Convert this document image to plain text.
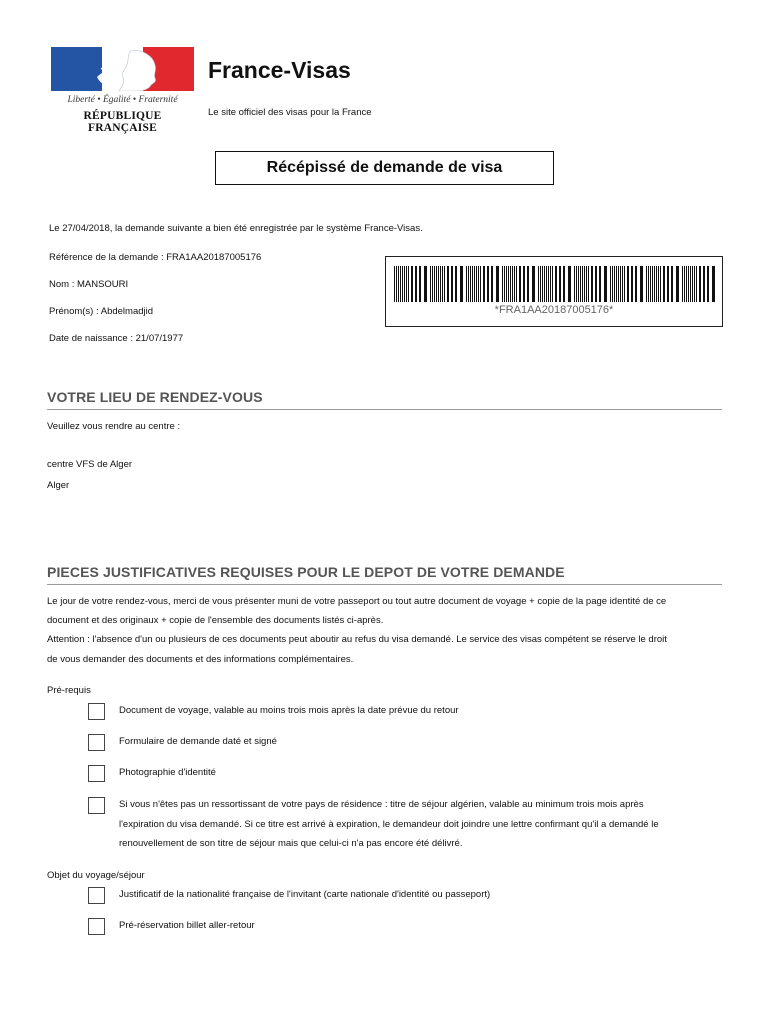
Liberté • Égalité • Fraternité
RÉPUBLIQUE FRANÇAISE
France-Visas
Le site officiel des visas pour la France
Récépissé de demande de visa
Le 27/04/2018, la demande suivante a bien été enregistrée par le système France-Visas.
Référence de la demande : FRA1AA20187005176
Nom : MANSOURI
Prénom(s) : Abdelmadjid
Date de naissance : 21/07/1977
*FRA1AA20187005176*
VOTRE LIEU DE RENDEZ-VOUS
Veuillez vous rendre au centre :
centre VFS de Alger
Alger
PIECES JUSTIFICATIVES REQUISES POUR LE DEPOT DE VOTRE DEMANDE
Le jour de votre rendez-vous, merci de vous présenter muni de votre passeport ou tout autre document de voyage + copie de la page identité de ce
document et des originaux + copie de l'ensemble des documents listés ci-après.
Attention : l'absence d'un ou plusieurs de ces documents peut aboutir au refus du visa demandé. Le service des visas compétent se réserve le droit
de vous demander des documents et des informations complémentaires.
Pré-requis
Document de voyage, valable au moins trois mois après la date prévue du retour
Formulaire de demande daté et signé
Photographie d'identité
Si vous n'êtes pas un ressortissant de votre pays de résidence : titre de séjour algérien, valable au minimum trois mois après
l'expiration du visa demandé. Si ce titre est arrivé à expiration, le demandeur doit joindre une lettre confirmant qu'il a demandé le
renouvellement de son titre de séjour mais que celui-ci n'a pas encore été délivré.
Objet du voyage/séjour
Justificatif de la nationalité française de l'invitant (carte nationale d'identité ou passeport)
Pré-réservation billet aller-retour
